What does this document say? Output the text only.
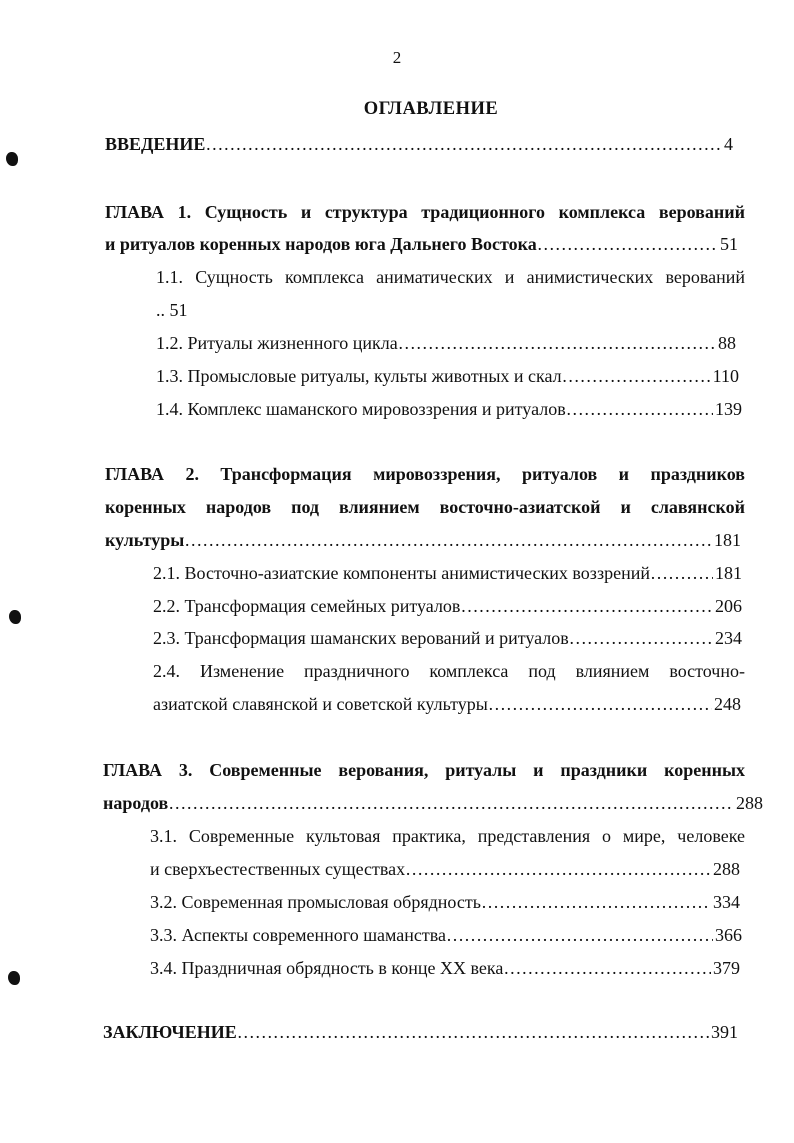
2
ОГЛАВЛЕНИЕ
ВВЕДЕНИЕ ………………………………………………………………………………………………………………………………………………………………………………	4
ГЛАВА 1. Сущность и структура традиционного комплекса верований
и ритуалов коренных народов юга Дальнего Востока ………………………………………………………………………………………………………………………………………………………………………………	51
1.1. Сущность комплекса аниматических и анимистических верований
.. 51
1.2. Ритуалы жизненного цикла ………………………………………………………………………………………………………………………………………………………………………………	88
1.3. Промысловые ритуалы, культы животных и скал ………………………………………………………………………………………………………………………………………………………………………………	110
1.4. Комплекс шаманского мировоззрения и ритуалов ………………………………………………………………………………………………………………………………………………………………………………	139
ГЛАВА 2. Трансформация мировоззрения, ритуалов и праздников
коренных народов под влиянием восточно-азиатской и славянской
культуры ………………………………………………………………………………………………………………………………………………………………………………	181
2.1. Восточно-азиатские компоненты анимистических воззрений ………………………………………………………………………………………………………………………………………………………………………………	181
2.2. Трансформация семейных ритуалов ………………………………………………………………………………………………………………………………………………………………………………	206
2.3. Трансформация шаманских верований и ритуалов ………………………………………………………………………………………………………………………………………………………………………………	234
2.4. Изменение праздничного комплекса под влиянием восточно-
азиатской славянской и советской культуры ………………………………………………………………………………………………………………………………………………………………………………	248
ГЛАВА 3. Современные верования, ритуалы и праздники коренных
народов ………………………………………………………………………………………………………………………………………………………………………………	288
3.1. Современные культовая практика, представления о мире, человеке
и сверхъестественных существах ………………………………………………………………………………………………………………………………………………………………………………	288
3.2. Современная промысловая обрядность ………………………………………………………………………………………………………………………………………………………………………………	334
3.3. Аспекты современного шаманства ………………………………………………………………………………………………………………………………………………………………………………	366
3.4. Праздничная обрядность в конце XX века ………………………………………………………………………………………………………………………………………………………………………………	379
ЗАКЛЮЧЕНИЕ ………………………………………………………………………………………………………………………………………………………………………………	391
